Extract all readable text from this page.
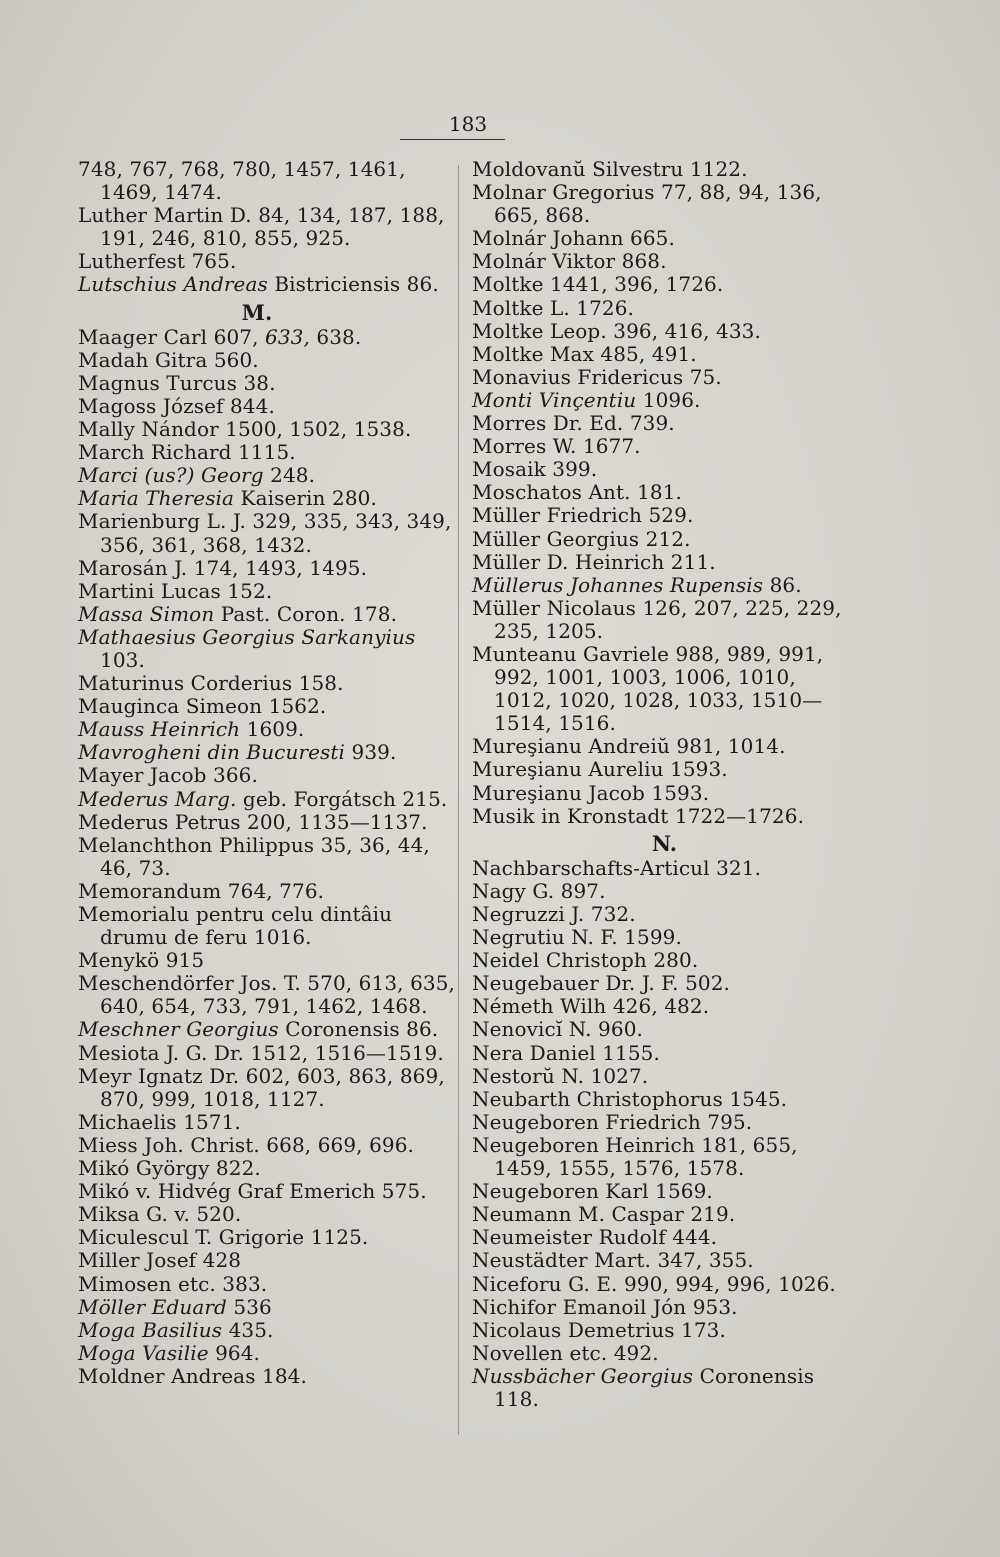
183
748, 767, 768, 780, 1457, 1461, 1469, 1474.
Luther Martin D. 84, 134, 187, 188, 191, 246, 810, 855, 925.
Lutherfest 765.
Lutschius Andreas Bistriciensis 86.
M.
Maager Carl 607, 633, 638.
Madah Gitra 560.
Magnus Turcus 38.
Magoss József 844.
Mally Nándor 1500, 1502, 1538.
March Richard 1115.
Marci (us?) Georg 248.
Maria Theresia Kaiserin 280.
Marienburg L. J. 329, 335, 343, 349, 356, 361, 368, 1432.
Marosán J. 174, 1493, 1495.
Martini Lucas 152.
Massa Simon Past. Coron. 178.
Mathaesius Georgius Sarkanyius 103.
Maturinus Corderius 158.
Mauginca Simeon 1562.
Mauss Heinrich 1609.
Mavrogheni din Bucuresti 939.
Mayer Jacob 366.
Mederus Marg. geb. Forgátsch 215.
Mederus Petrus 200, 1135—1137.
Melanchthon Philippus 35, 36, 44, 46, 73.
Memorandum 764, 776.
Memorialu pentru celu dintâiu drumu de feru 1016.
Menykö 915
Meschendörfer Jos. T. 570, 613, 635, 640, 654, 733, 791, 1462, 1468.
Meschner Georgius Coronensis 86.
Mesiota J. G. Dr. 1512, 1516—1519.
Meyr Ignatz Dr. 602, 603, 863, 869, 870, 999, 1018, 1127.
Michaelis 1571.
Miess Joh. Christ. 668, 669, 696.
Mikó György 822.
Mikó v. Hidvég Graf Emerich 575.
Miksa G. v. 520.
Miculescul T. Grigorie 1125.
Miller Josef 428
Mimosen etc. 383.
Möller Eduard 536
Moga Basilius 435.
Moga Vasilie 964.
Moldner Andreas 184.
Moldovanŭ Silvestru 1122.
Molnar Gregorius 77, 88, 94, 136, 665, 868.
Molnár Johann 665.
Molnár Viktor 868.
Moltke 1441, 396, 1726.
Moltke L. 1726.
Moltke Leop. 396, 416, 433.
Moltke Max 485, 491.
Monavius Fridericus 75.
Monti Vinçentiu 1096.
Morres Dr. Ed. 739.
Morres W. 1677.
Mosaik 399.
Moschatos Ant. 181.
Müller Friedrich 529.
Müller Georgius 212.
Müller D. Heinrich 211.
Müllerus Johannes Rupensis 86.
Müller Nicolaus 126, 207, 225, 229, 235, 1205.
Munteanu Gavriele 988, 989, 991, 992, 1001, 1003, 1006, 1010, 1012, 1020, 1028, 1033, 1510—1514, 1516.
Mureşianu Andreiŭ 981, 1014.
Mureşianu Aureliu 1593.
Mureşianu Jacob 1593.
Musik in Kronstadt 1722—1726.
N.
Nachbarschafts-Articul 321.
Nagy G. 897.
Negruzzi J. 732.
Negrutiu N. F. 1599.
Neidel Christoph 280.
Neugebauer Dr. J. F. 502.
Németh Wilh 426, 482.
Nenovicĭ N. 960.
Nera Daniel 1155.
Nestorŭ N. 1027.
Neubarth Christophorus 1545.
Neugeboren Friedrich 795.
Neugeboren Heinrich 181, 655, 1459, 1555, 1576, 1578.
Neugeboren Karl 1569.
Neumann M. Caspar 219.
Neumeister Rudolf 444.
Neustädter Mart. 347, 355.
Niceforu G. E. 990, 994, 996, 1026.
Nichifor Emanoil Jón 953.
Nicolaus Demetrius 173.
Novellen etc. 492.
Nussbächer Georgius Coronensis 118.
